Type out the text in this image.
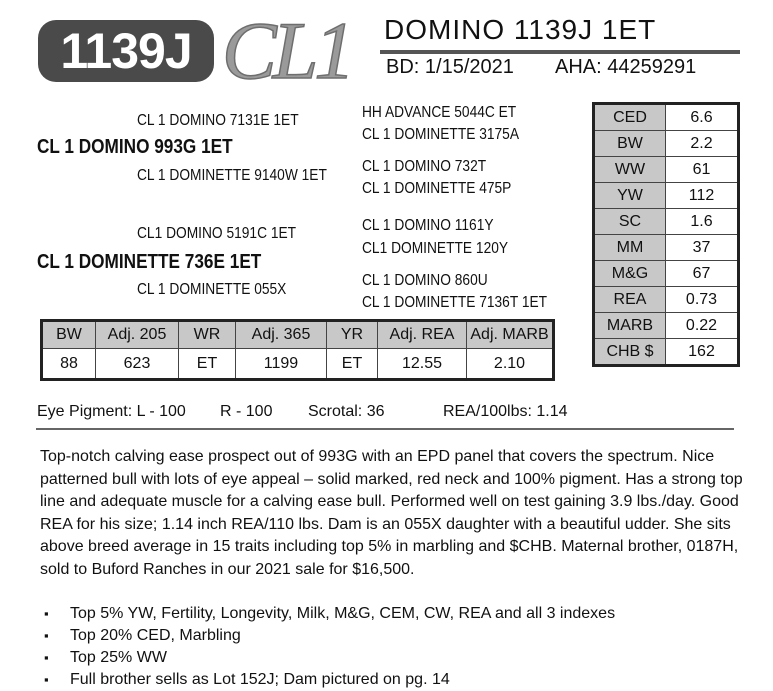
1139J CL1 DOMINO 1139J 1ET
BD: 1/15/2021 AHA: 44259291
CL 1 DOMINO 7131E 1ET
CL 1 DOMINO 993G 1ET
CL 1 DOMINETTE 9140W 1ET
HH ADVANCE 5044C ET
CL 1 DOMINETTE 3175A
CL 1 DOMINO 732T
CL 1 DOMINETTE 475P
CL1 DOMINO 5191C 1ET
CL 1 DOMINETTE 736E 1ET
CL 1 DOMINETTE 055X
CL 1 DOMINO 1161Y
CL1 DOMINETTE 120Y
CL 1 DOMINO 860U
CL 1 DOMINETTE 7136T 1ET
CED	6.6
BW	2.2
WW	61
YW	112
SC	1.6
MM	37
M&G	67
REA	0.73
MARB	0.22
CHB $	162
BW	Adj. 205	WR	Adj. 365	YR	Adj. REA	Adj. MARB
88	623	ET	1199	ET	12.55	2.10
Eye Pigment: L - 100 R - 100 Scrotal: 36	REA/100lbs: 1.14
Top-notch calving ease prospect out of 993G with an EPD panel that covers the spectrum. Nice patterned bull with lots of eye appeal – solid marked, red neck and 100% pigment. Has a strong top line and adequate muscle for a calving ease bull. Performed well on test gaining 3.9 lbs./day. Good REA for his size; 1.14 inch REA/110 lbs. Dam is an 055X daughter with a beautiful udder. She sits above breed average in 15 traits including top 5% in marbling and $CHB. Maternal brother, 0187H, sold to Buford Ranches in our 2021 sale for $16,500.
▪ Top 5% YW, Fertility, Longevity, Milk, M&G, CEM, CW, REA and all 3 indexes
▪ Top 20% CED, Marbling
▪ Top 25% WW
▪ Full brother sells as Lot 152J; Dam pictured on pg. 14
